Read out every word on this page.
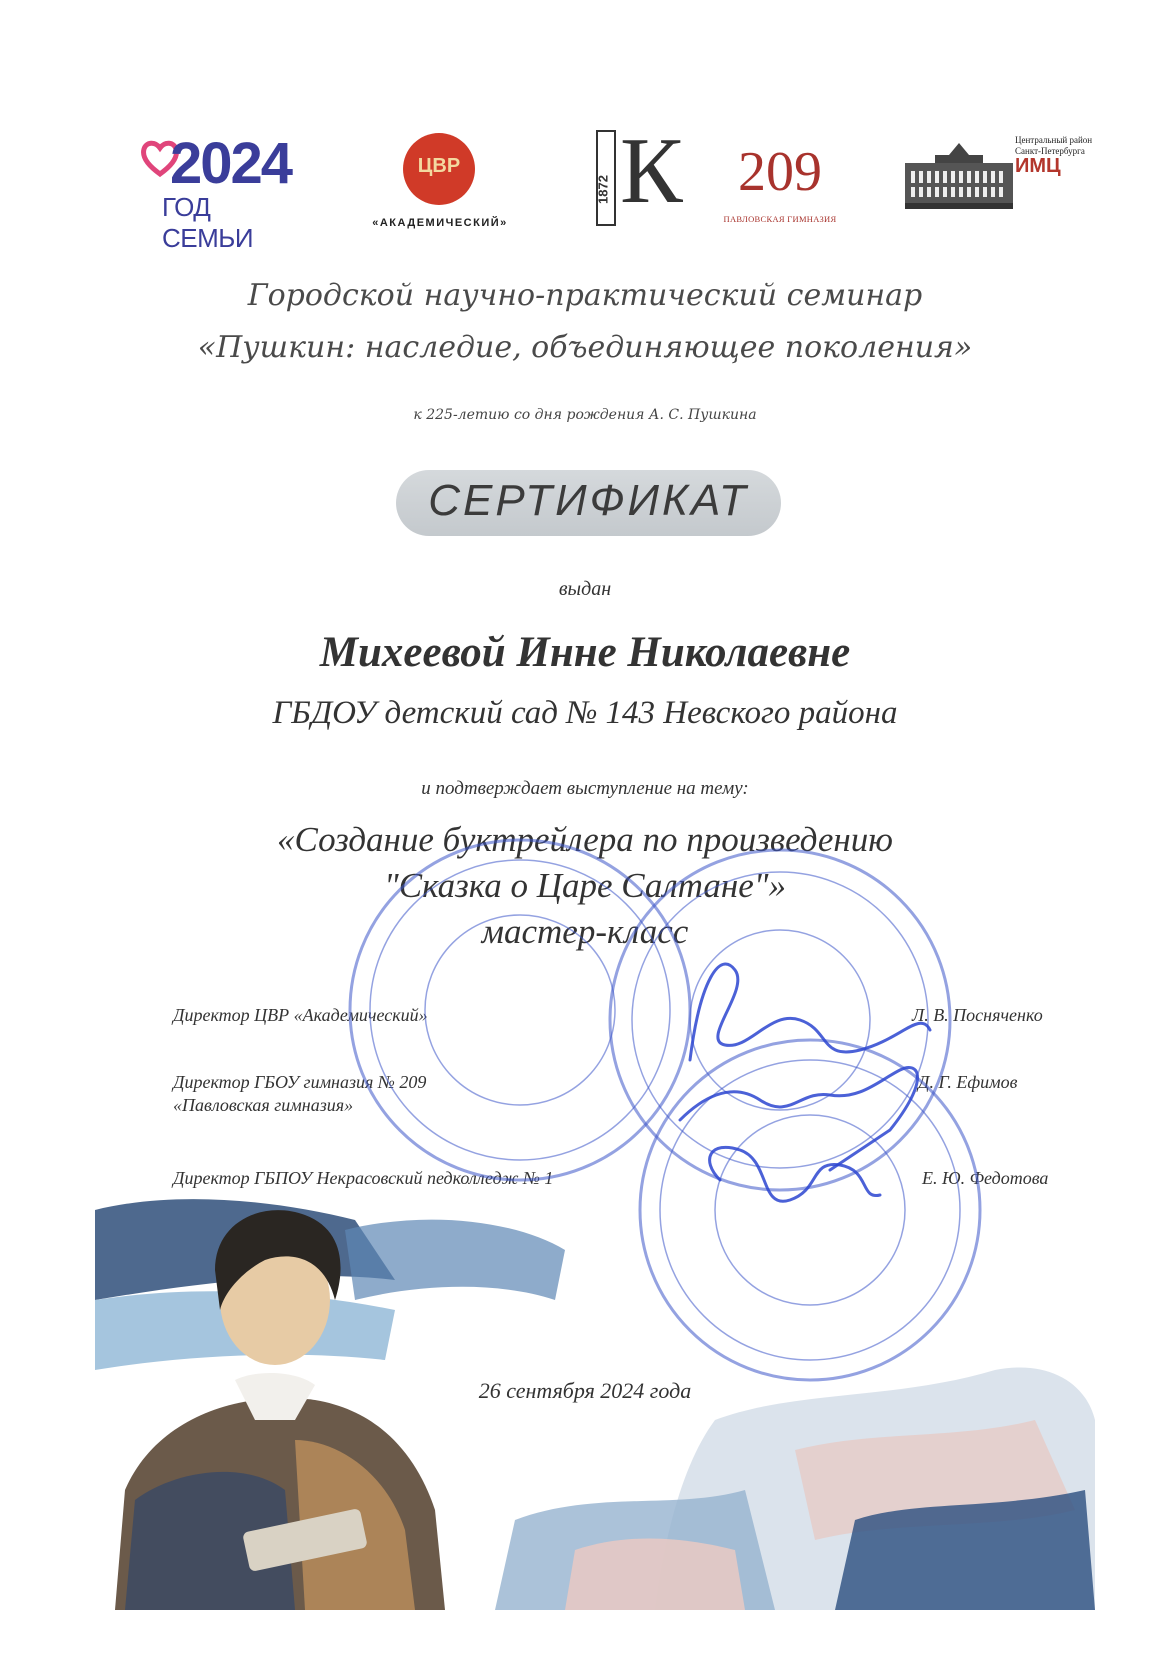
2024
ГОД СЕМЬИ
ЦВР
«АКАДЕМИЧЕСКИЙ»
1872 К 209
ПАВЛОВСКАЯ ГИМНАЗИЯ
Центральный район
Санкт-Петербурга
ИМЦ
Городской научно-практический семинар
«Пушкин: наследие, объединяющее поколения»
к 225-летию со дня рождения А. С. Пушкина
СЕРТИФИКАТ
выдан
Михеевой Инне Николаевне
ГБДОУ детский сад № 143 Невского района
и подтверждает выступление на тему:
«Создание буктрейлера по произведению
"Сказка о Царе Салтане"»
мастер-класс
Директор ЦВР «Академический»	Л. В. Посняченко
Директор ГБОУ гимназия № 209
«Павловская гимназия»
Д. Г. Ефимов
Директор ГБПОУ Некрасовский педколледж № 1	Е. Ю. Федотова
26 сентября 2024 года
